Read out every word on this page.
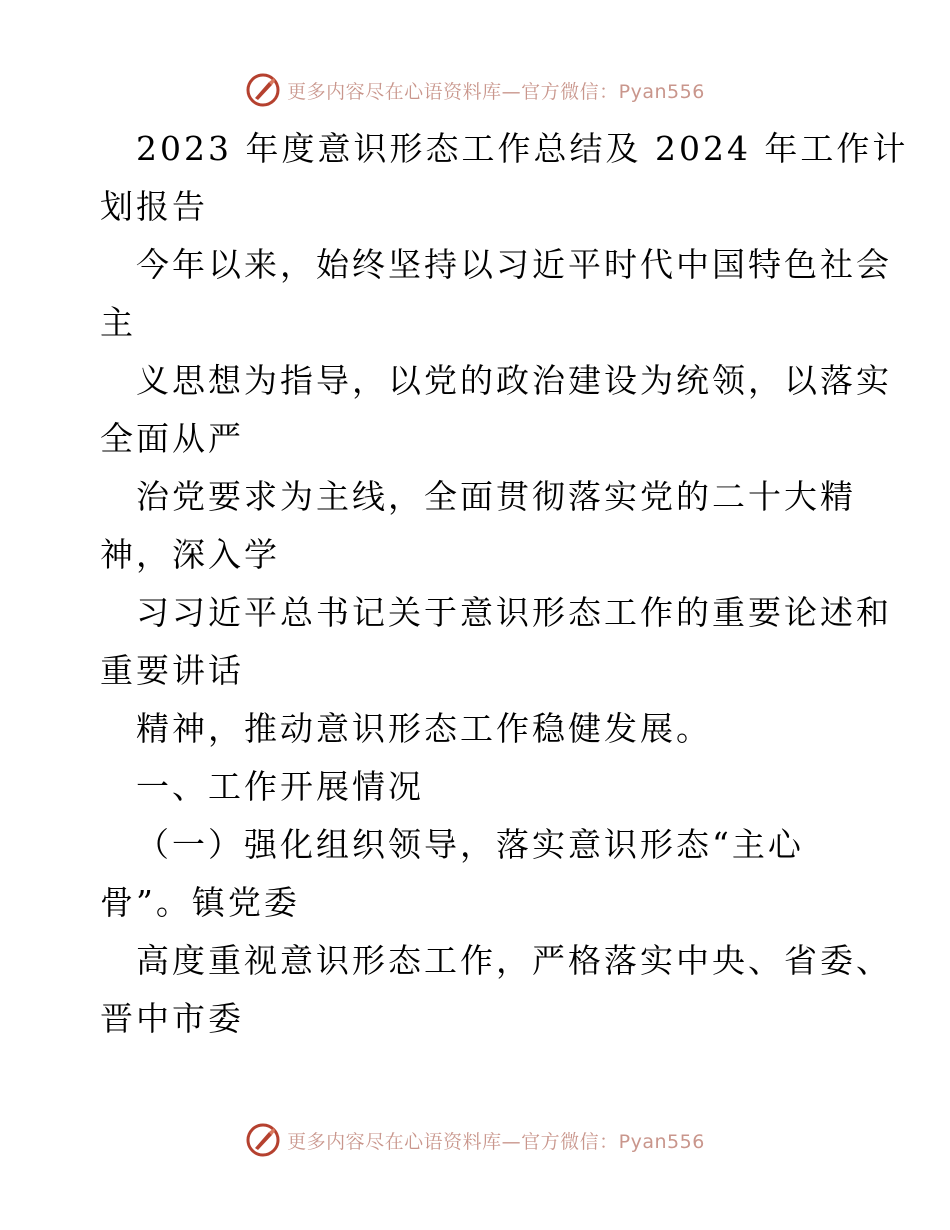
更多内容尽在心语资料库—官方微信：Pyan556
2023 年度意识形态工作总结及 2024 年工作计
划报告
今年以来，始终坚持以习近平时代中国特色社会
主
义思想为指导，以党的政治建设为统领，以落实
全面从严
治党要求为主线，全面贯彻落实党的二十大精
神，深入学
习习近平总书记关于意识形态工作的重要论述和
重要讲话
精神，推动意识形态工作稳健发展。
一、工作开展情况
（一）强化组织领导，落实意识形态“主心
骨”。镇党委
高度重视意识形态工作，严格落实中央、省委、
晋中市委
更多内容尽在心语资料库—官方微信：Pyan556
